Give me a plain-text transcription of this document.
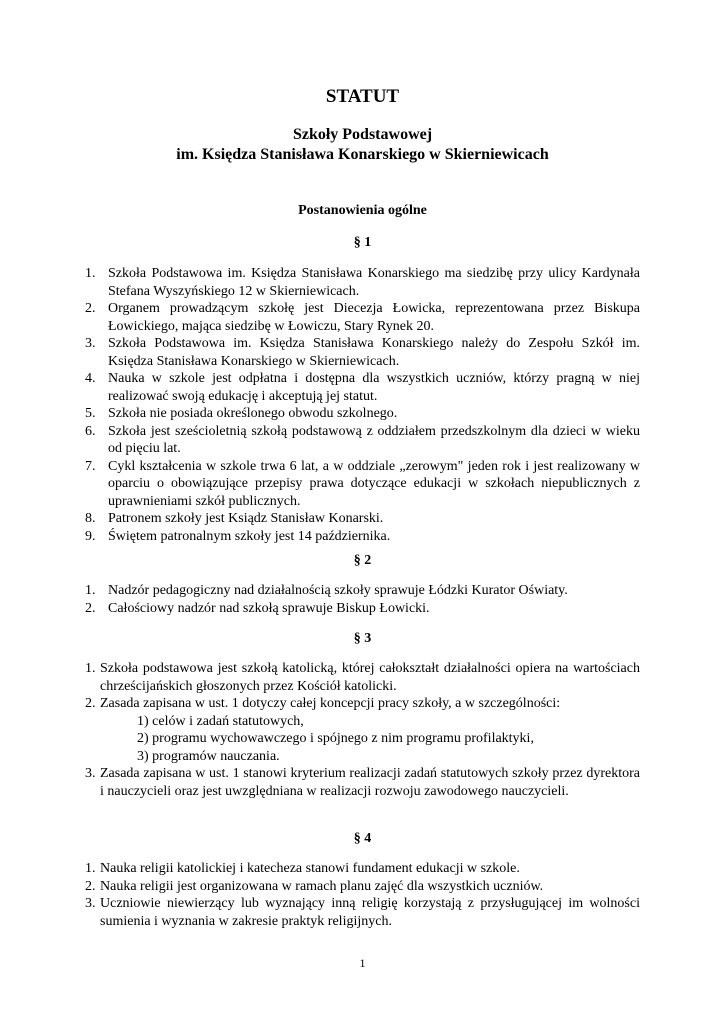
STATUT
Szkoły Podstawowej
im. Księdza Stanisława Konarskiego w Skierniewicach
Postanowienia ogólne
§ 1
1. Szkoła Podstawowa im. Księdza Stanisława Konarskiego ma siedzibę przy ulicy Kardynała Stefana Wyszyńskiego 12 w Skierniewicach.
2. Organem prowadzącym szkołę jest Diecezja Łowicka, reprezentowana przez Biskupa Łowickiego, mająca siedzibę w Łowiczu, Stary Rynek 20.
3. Szkoła Podstawowa im. Księdza Stanisława Konarskiego należy do Zespołu Szkół im. Księdza Stanisława Konarskiego w Skierniewicach.
4. Nauka w szkole jest odpłatna i dostępna dla wszystkich uczniów, którzy pragną w niej realizować swoją edukację i akceptują jej statut.
5. Szkoła nie posiada określonego obwodu szkolnego.
6. Szkoła jest sześcioletnią szkołą podstawową z oddziałem przedszkolnym dla dzieci w wieku od pięciu lat.
7. Cykl kształcenia w szkole trwa 6 lat, a w oddziale „zerowym" jeden rok i jest realizowany w oparciu o obowiązujące przepisy prawa dotyczące edukacji w szkołach niepublicznych z uprawnieniami szkół publicznych.
8. Patronem szkoły jest Ksiądz Stanisław Konarski.
9. Świętem patronalnym szkoły jest 14 października.
§ 2
1. Nadzór pedagogiczny nad działalnością szkoły sprawuje Łódzki Kurator Oświaty.
2. Całościowy nadzór nad szkołą sprawuje Biskup Łowicki.
§ 3
1. Szkoła podstawowa jest szkołą katolicką, której całokształt działalności opiera na wartościach chrześcijańskich głoszonych przez Kościół katolicki.
2. Zasada zapisana w ust. 1 dotyczy całej koncepcji pracy szkoły, a w szczególności:
1) celów i zadań statutowych,
2) programu wychowawczego i spójnego z nim programu profilaktyki,
3) programów nauczania.
3. Zasada zapisana w ust. 1 stanowi kryterium realizacji zadań statutowych szkoły przez dyrektora i nauczycieli oraz jest uwzględniana w realizacji rozwoju zawodowego nauczycieli.
§ 4
1. Nauka religii katolickiej i katecheza stanowi fundament edukacji w szkole.
2. Nauka religii jest organizowana w ramach planu zajęć dla wszystkich uczniów.
3. Uczniowie niewierzący lub wyznający inną religię korzystają z przysługującej im wolności sumienia i wyznania w zakresie praktyk religijnych.
1
